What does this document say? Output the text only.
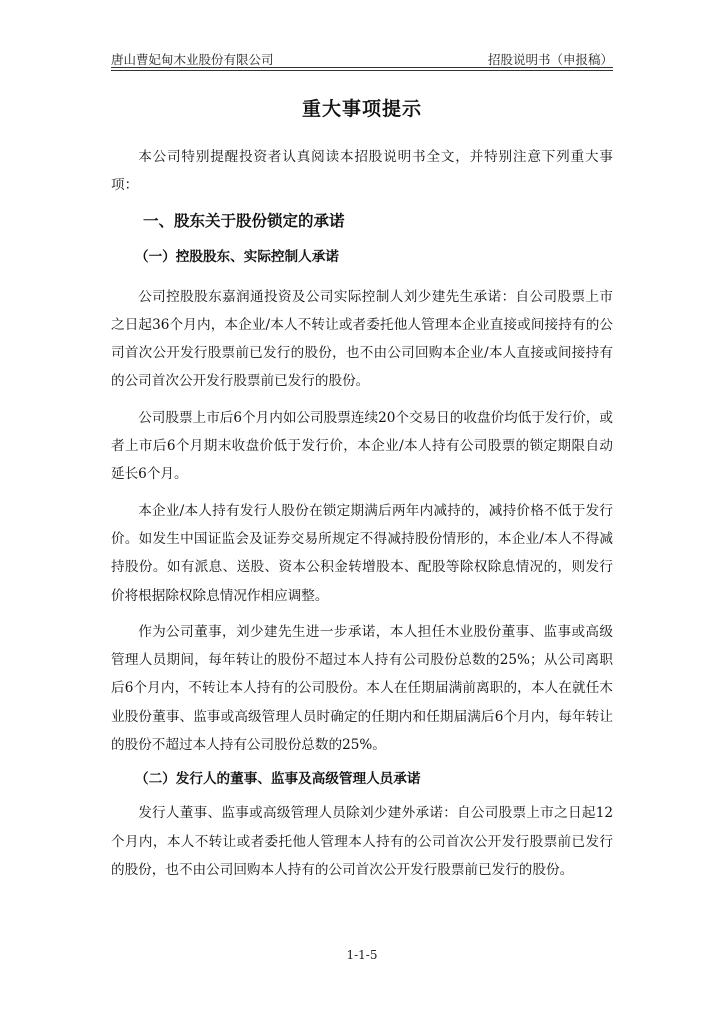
唐山曹妃甸木业股份有限公司	招股说明书（申报稿）
重大事项提示

本公司特别提醒投资者认真阅读本招股说明书全文，并特别注意下列重大事项：

一、股东关于股份锁定的承诺
（一）控股股东、实际控制人承诺

公司控股股东嘉润通投资及公司实际控制人刘少建先生承诺：自公司股票上市之日起36个月内，本企业/本人不转让或者委托他人管理本企业直接或间接持有的公司首次公开发行股票前已发行的股份，也不由公司回购本企业/本人直接或间接持有的公司首次公开发行股票前已发行的股份。

公司股票上市后6个月内如公司股票连续20个交易日的收盘价均低于发行价，或者上市后6个月期末收盘价低于发行价，本企业/本人持有公司股票的锁定期限自动延长6个月。

本企业/本人持有发行人股份在锁定期满后两年内减持的，减持价格不低于发行价。如发生中国证监会及证券交易所规定不得减持股份情形的，本企业/本人不得减持股份。如有派息、送股、资本公积金转增股本、配股等除权除息情况的，则发行价将根据除权除息情况作相应调整。

作为公司董事，刘少建先生进一步承诺，本人担任木业股份董事、监事或高级管理人员期间，每年转让的股份不超过本人持有公司股份总数的25%；从公司离职后6个月内，不转让本人持有的公司股份。本人在任期届满前离职的，本人在就任木业股份董事、监事或高级管理人员时确定的任期内和任期届满后6个月内，每年转让的股份不超过本人持有公司股份总数的25%。

（二）发行人的董事、监事及高级管理人员承诺

发行人董事、监事或高级管理人员除刘少建外承诺：自公司股票上市之日起12个月内，本人不转让或者委托他人管理本人持有的公司首次公开发行股票前已发行的股份，也不由公司回购本人持有的公司首次公开发行股票前已发行的股份。

1-1-5
